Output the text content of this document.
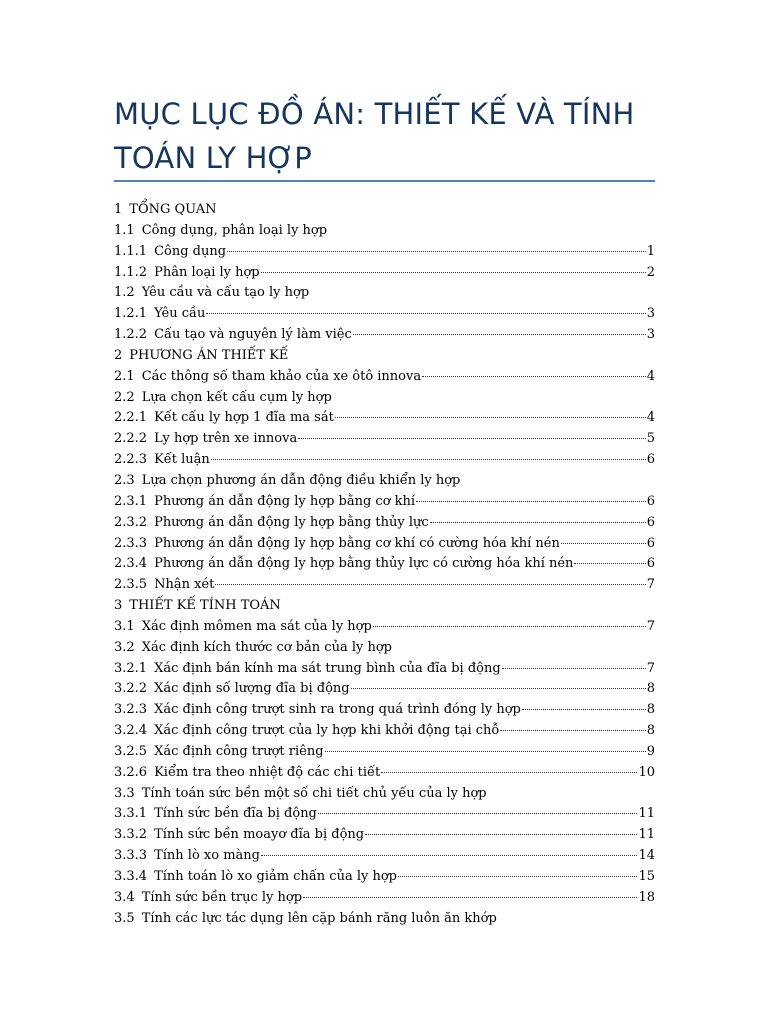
MỤC LỤC ĐỒ ÁN: THIẾT KẾ VÀ TÍNH TOÁN LY HỢP
1 TỔNG QUAN
1.1 Công dụng, phân loại ly hợp
1.1.1 Công dụng	1
1.1.2 Phân loại ly hợp	2
1.2 Yêu cầu và cấu tạo ly hợp
1.2.1 Yêu cầu	3
1.2.2 Cấu tạo và nguyên lý làm việc	3
2 PHƯƠNG ÁN THIẾT KẾ
2.1 Các thông số tham khảo của xe ôtô innova	4
2.2 Lựa chọn kết cấu cụm ly hợp
2.2.1 Kết cấu ly hợp 1 đĩa ma sát	4
2.2.2 Ly hợp trên xe innova	5
2.2.3 Kết luận	6
2.3 Lựa chọn phương án dẫn động điều khiển ly hợp
2.3.1 Phương án dẫn động ly hợp bằng cơ khí	6
2.3.2 Phương án dẫn động ly hợp bằng thủy lực	6
2.3.3 Phương án dẫn động ly hợp bằng cơ khí có cường hóa khí nén	6
2.3.4 Phương án dẫn động ly hợp bằng thủy lực có cường hóa khí nén	6
2.3.5 Nhận xét	7
3 THIẾT KẾ TÍNH TOÁN
3.1 Xác định mômen ma sát của ly hợp	7
3.2 Xác định kích thước cơ bản của ly hợp
3.2.1 Xác định bán kính ma sát trung bình của đĩa bị động	7
3.2.2 Xác định số lượng đĩa bị động	8
3.2.3 Xác định công trượt sinh ra trong quá trình đóng ly hợp	8
3.2.4 Xác định công trượt của ly hợp khi khởi động tại chỗ	8
3.2.5 Xác định công trượt riêng	9
3.2.6 Kiểm tra theo nhiệt độ các chi tiết	10
3.3 Tính toán sức bền một số chi tiết chủ yếu của ly hợp
3.3.1 Tính sức bền đĩa bị động	11
3.3.2 Tính sức bền moayơ đĩa bị động	11
3.3.3 Tính lò xo màng	14
3.3.4 Tính toán lò xo giảm chấn của ly hợp	15
3.4 Tính sức bền trục ly hợp	18
3.5 Tính các lực tác dụng lên cặp bánh răng luôn ăn khớp
